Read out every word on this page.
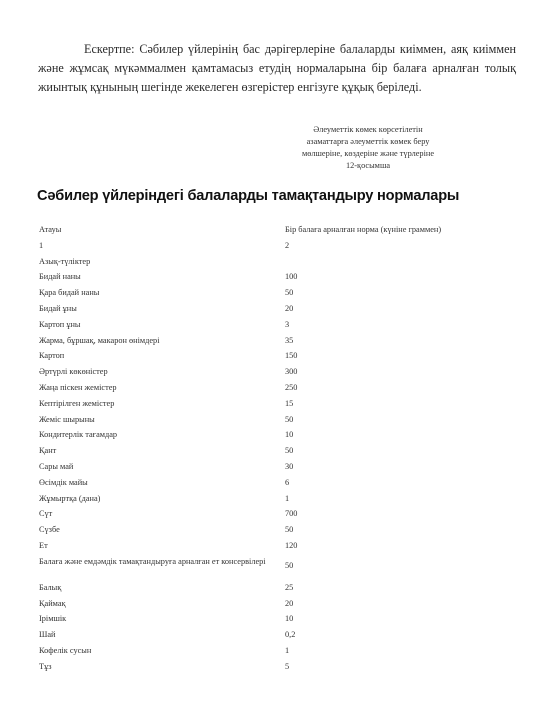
Ескертпе: Сәбилер үйлерінің бас дәрігерлеріне балаларды киіммен, аяқ киіммен және жұмсақ мүкәммалмен қамтамасыз етудің нормаларына бір балаға арналған толық жиынтық құнының шегінде жекелеген өзгерістер енгізуге құқық беріледі.

Әлеуметтік көмек көрсетілетін
азаматтарға әлеуметтік көмек беру
мөлшеріне, көздеріне және түрлеріне
12-қосымша
Сәбилер үйлеріндегі балаларды тамақтандыру нормалары
Атауы	Бір балаға арналған норма (күнiне граммен)
1	2
Азық-түліктер
Бидай наны	100
Қара бидай наны	50
Бидай ұны	20
Картоп ұны	3
Жарма, бұршақ, макарон өнімдері	35
Картоп	150
Әртүрлі көкөністер	300
Жаңа піскен жемістер	250
Кептірілген жемістер	15
Жеміс шырыны	50
Кондитерлік тағамдар	10
Қант	50
Сары май	30
Өсімдік майы	6
Жұмыртқа (дана)	1
Сүт	700
Сүзбе	50
Ет	120
Балаға және емдәмдік тамақтандыруға арналған ет консервілері	50
Балық	25
Қаймақ	20
Ірімшік	10
Шай	0,2
Кофелік сусын	1
Тұз	5
